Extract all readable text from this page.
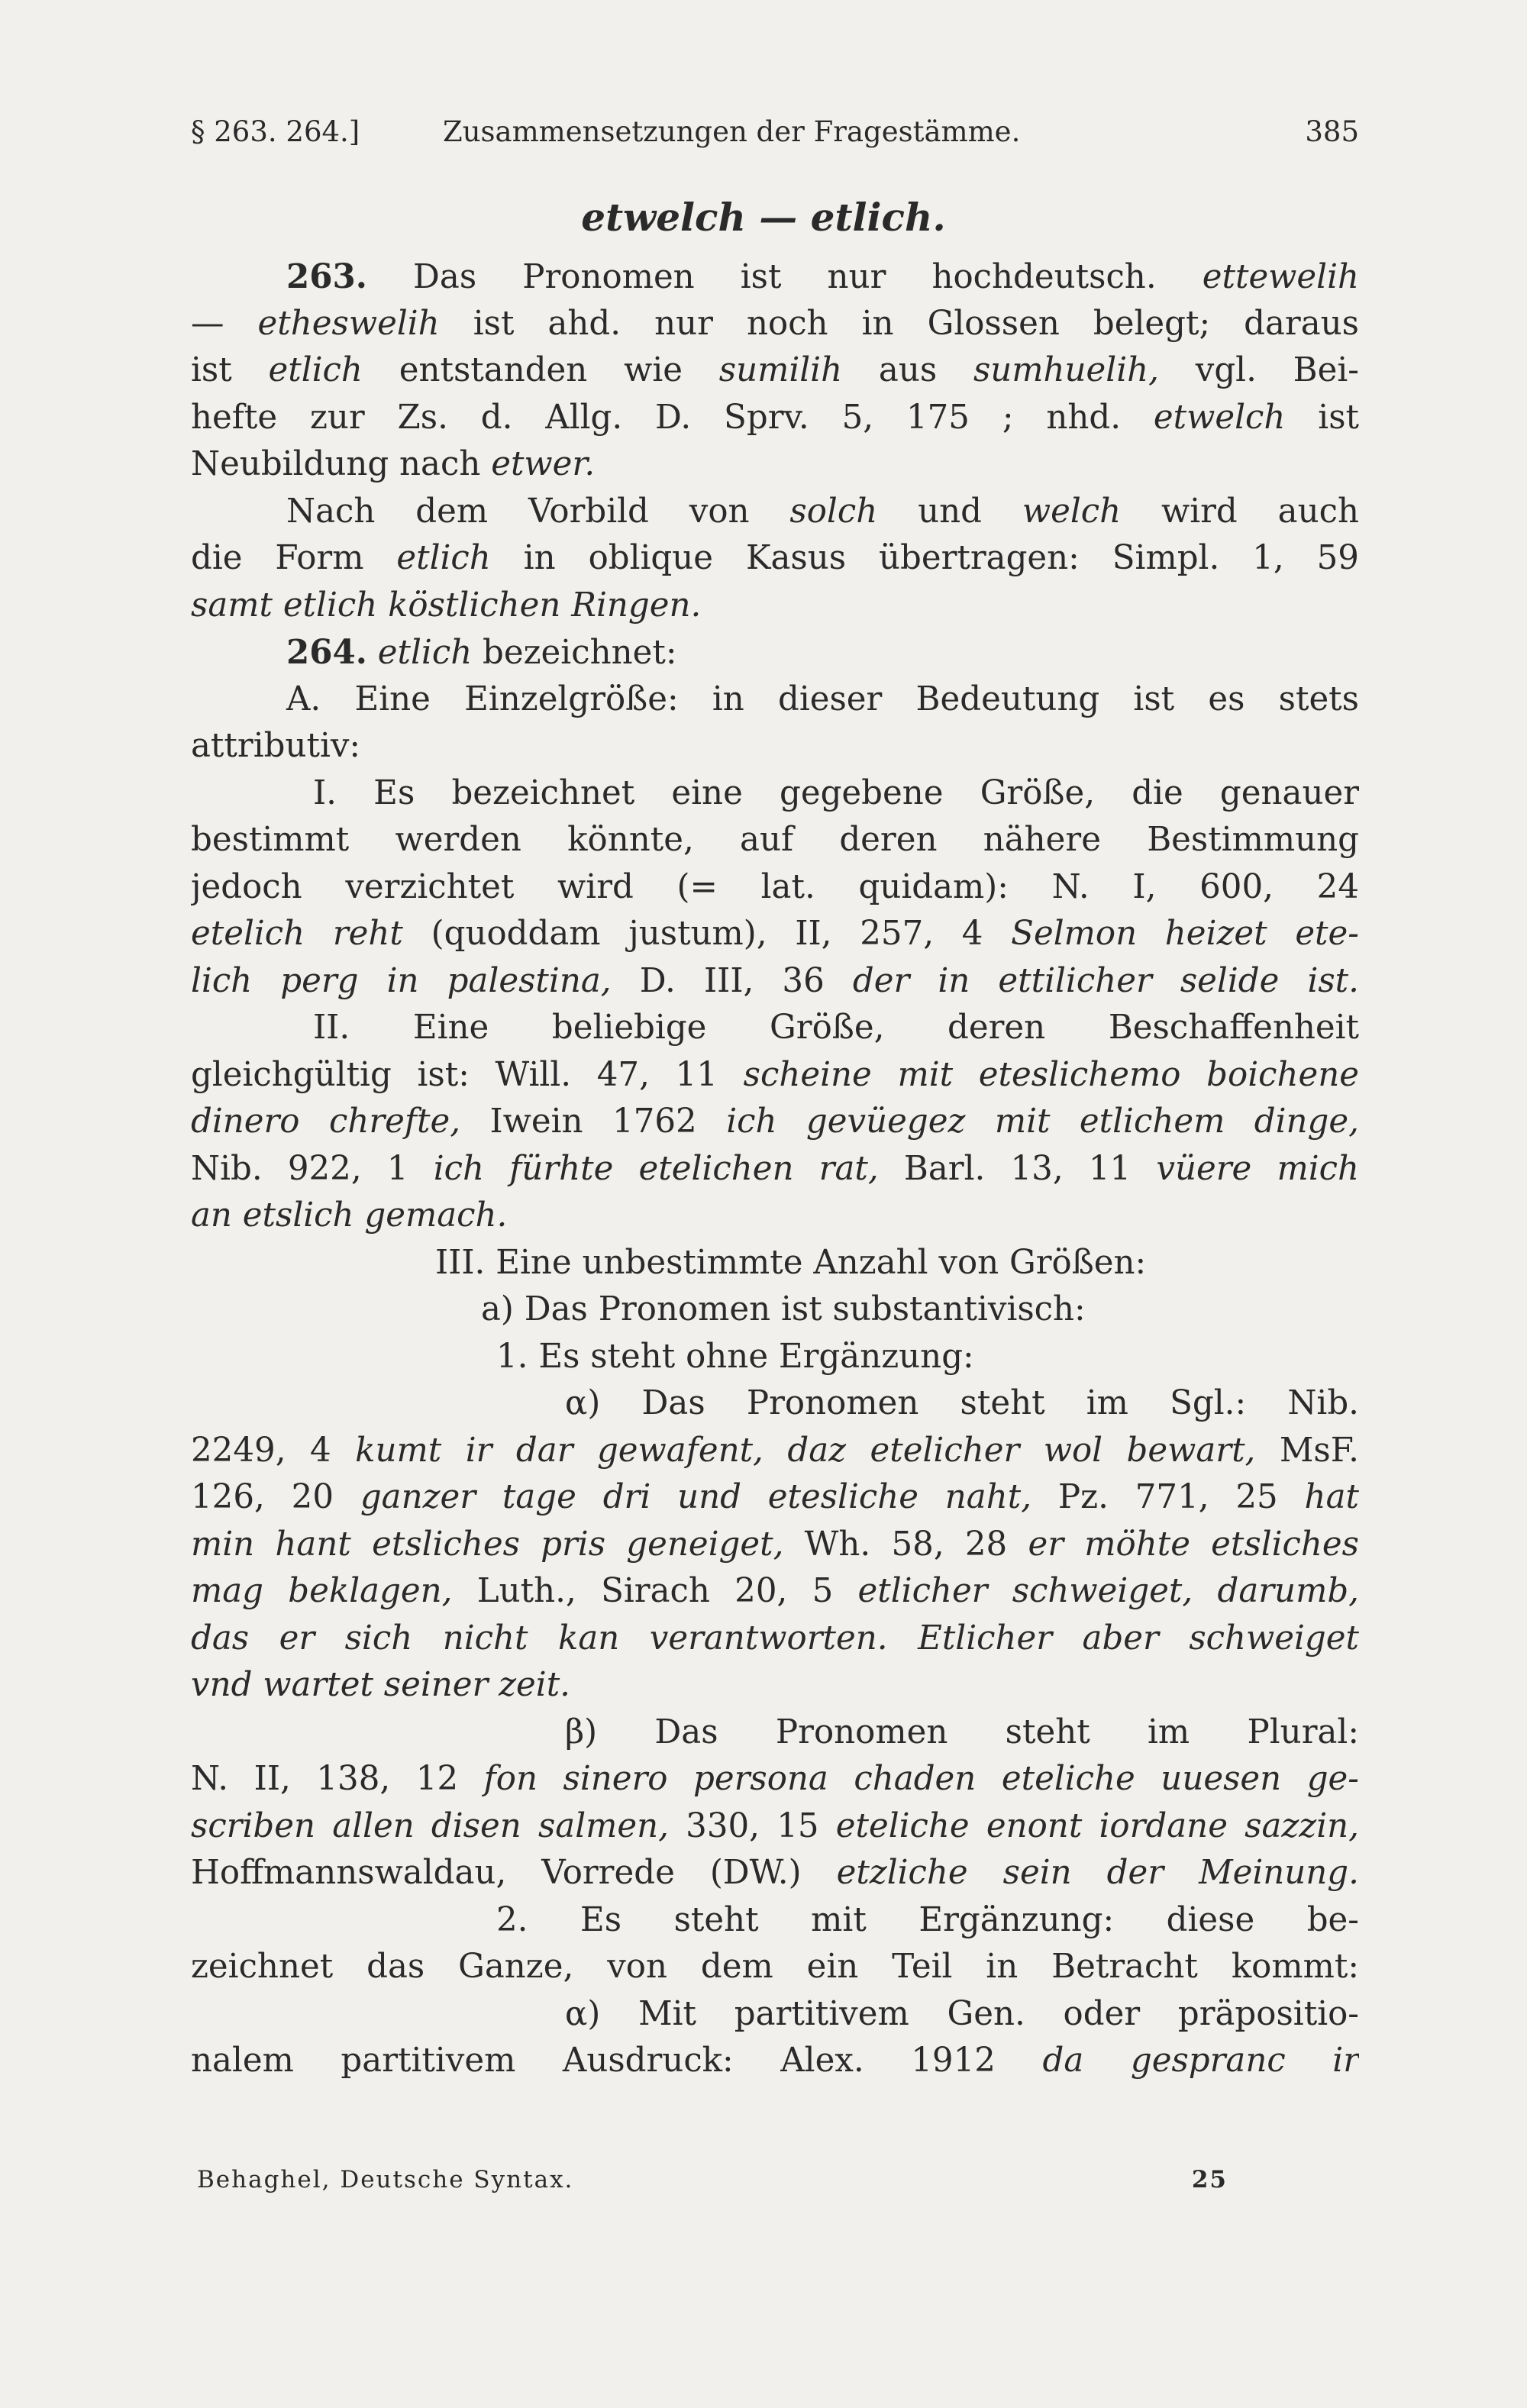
§ 263. 264.]	Zusammensetzungen der Fragestämme.	385
etwelch — etlich.
263. Das Pronomen ist nur hochdeutsch. ettewelih
— etheswelih ist ahd. nur noch in Glossen belegt; daraus
ist etlich entstanden wie sumilih aus sumhuelih, vgl. Bei-
hefte zur Zs. d. Allg. D. Sprv. 5, 175 ; nhd. etwelch ist
Neubildung nach etwer.
Nach dem Vorbild von solch und welch wird auch
die Form etlich in oblique Kasus übertragen: Simpl. 1, 59
samt etlich köstlichen Ringen.
264. etlich bezeichnet:
A. Eine Einzelgröße: in dieser Bedeutung ist es stets
attributiv:
I. Es bezeichnet eine gegebene Größe, die genauer
bestimmt werden könnte, auf deren nähere Bestimmung
jedoch verzichtet wird (= lat. quidam): N. I, 600, 24
etelich reht (quoddam justum), II, 257, 4 Selmon heizet ete-
lich perg in palestina, D. III, 36 der in ettilicher selide ist.
II. Eine beliebige Größe, deren Beschaffenheit
gleichgültig ist: Will. 47, 11 scheine mit eteslichemo boichene
dinero chrefte, Iwein 1762 ich gevüegez mit etlichem dinge,
Nib. 922, 1 ich fürhte etelichen rat, Barl. 13, 11 vüere mich
an etslich gemach.
III. Eine unbestimmte Anzahl von Größen:
a) Das Pronomen ist substantivisch:
1. Es steht ohne Ergänzung:
α) Das Pronomen steht im Sgl.: Nib.
2249, 4 kumt ir dar gewafent, daz etelicher wol bewart, MsF.
126, 20 ganzer tage dri und etesliche naht, Pz. 771, 25 hat
min hant etsliches pris geneiget, Wh. 58, 28 er möhte etsliches
mag beklagen, Luth., Sirach 20, 5 etlicher schweiget, darumb,
das er sich nicht kan verantworten. Etlicher aber schweiget
vnd wartet seiner zeit.
β) Das Pronomen steht im Plural:
N. II, 138, 12 fon sinero persona chaden eteliche uuesen ge-
scriben allen disen salmen, 330, 15 eteliche enont iordane sazzin,
Hoffmannswaldau, Vorrede (DW.) etzliche sein der Meinung.
2. Es steht mit Ergänzung: diese be-
zeichnet das Ganze, von dem ein Teil in Betracht kommt:
α) Mit partitivem Gen. oder präpositio-
nalem partitivem Ausdruck: Alex. 1912 da gespranc ir
Behaghel, Deutsche Syntax.	25
